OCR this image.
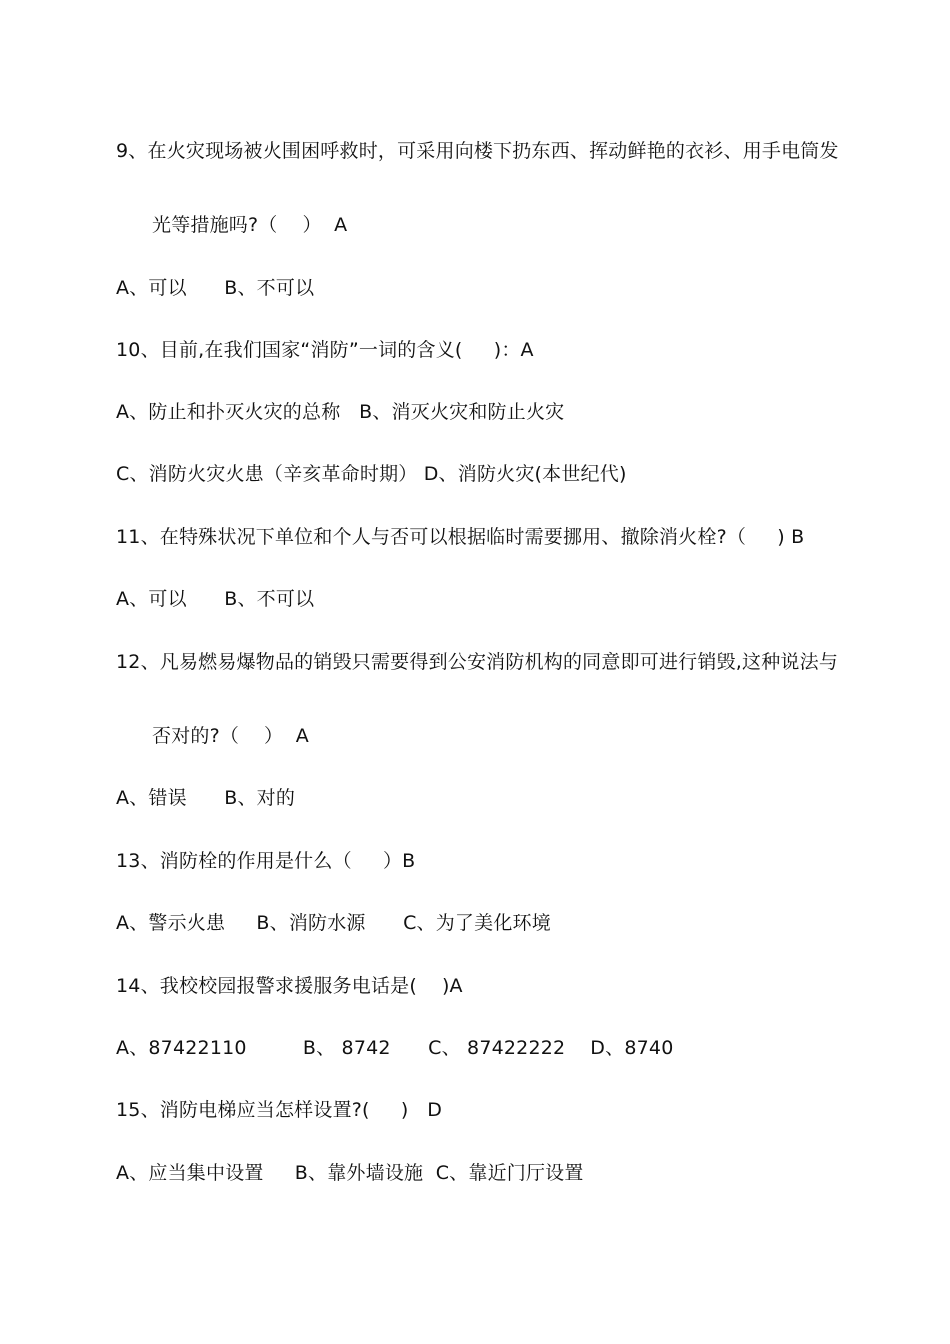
9、在火灾现场被火围困呼救时，可采用向楼下扔东西、挥动鲜艳的衣衫、用手电筒发
光等措施吗?（    ）  A
A、可以      B、不可以
10、目前,在我们国家“消防”一词的含义(     )：A
A、防止和扑灭火灾的总称   B、消灭火灾和防止火灾
C、消防火灾火患（辛亥革命时期） D、消防火灾(本世纪代)
11、在特殊状况下单位和个人与否可以根据临时需要挪用、撤除消火栓?（     ) B
A、可以      B、不可以
12、凡易燃易爆物品的销毁只需要得到公安消防机构的同意即可进行销毁,这种说法与
否对的?（    ）  A
A、错误      B、对的
13、消防栓的作用是什么（     ）B
A、警示火患     B、消防水源      C、为了美化环境
14、我校校园报警求援服务电话是(    )A
A、87422110         B、 8742      C、 87422222    D、8740
15、消防电梯应当怎样设置?(     )   D
A、应当集中设置     B、靠外墙设施  C、靠近门厅设置
